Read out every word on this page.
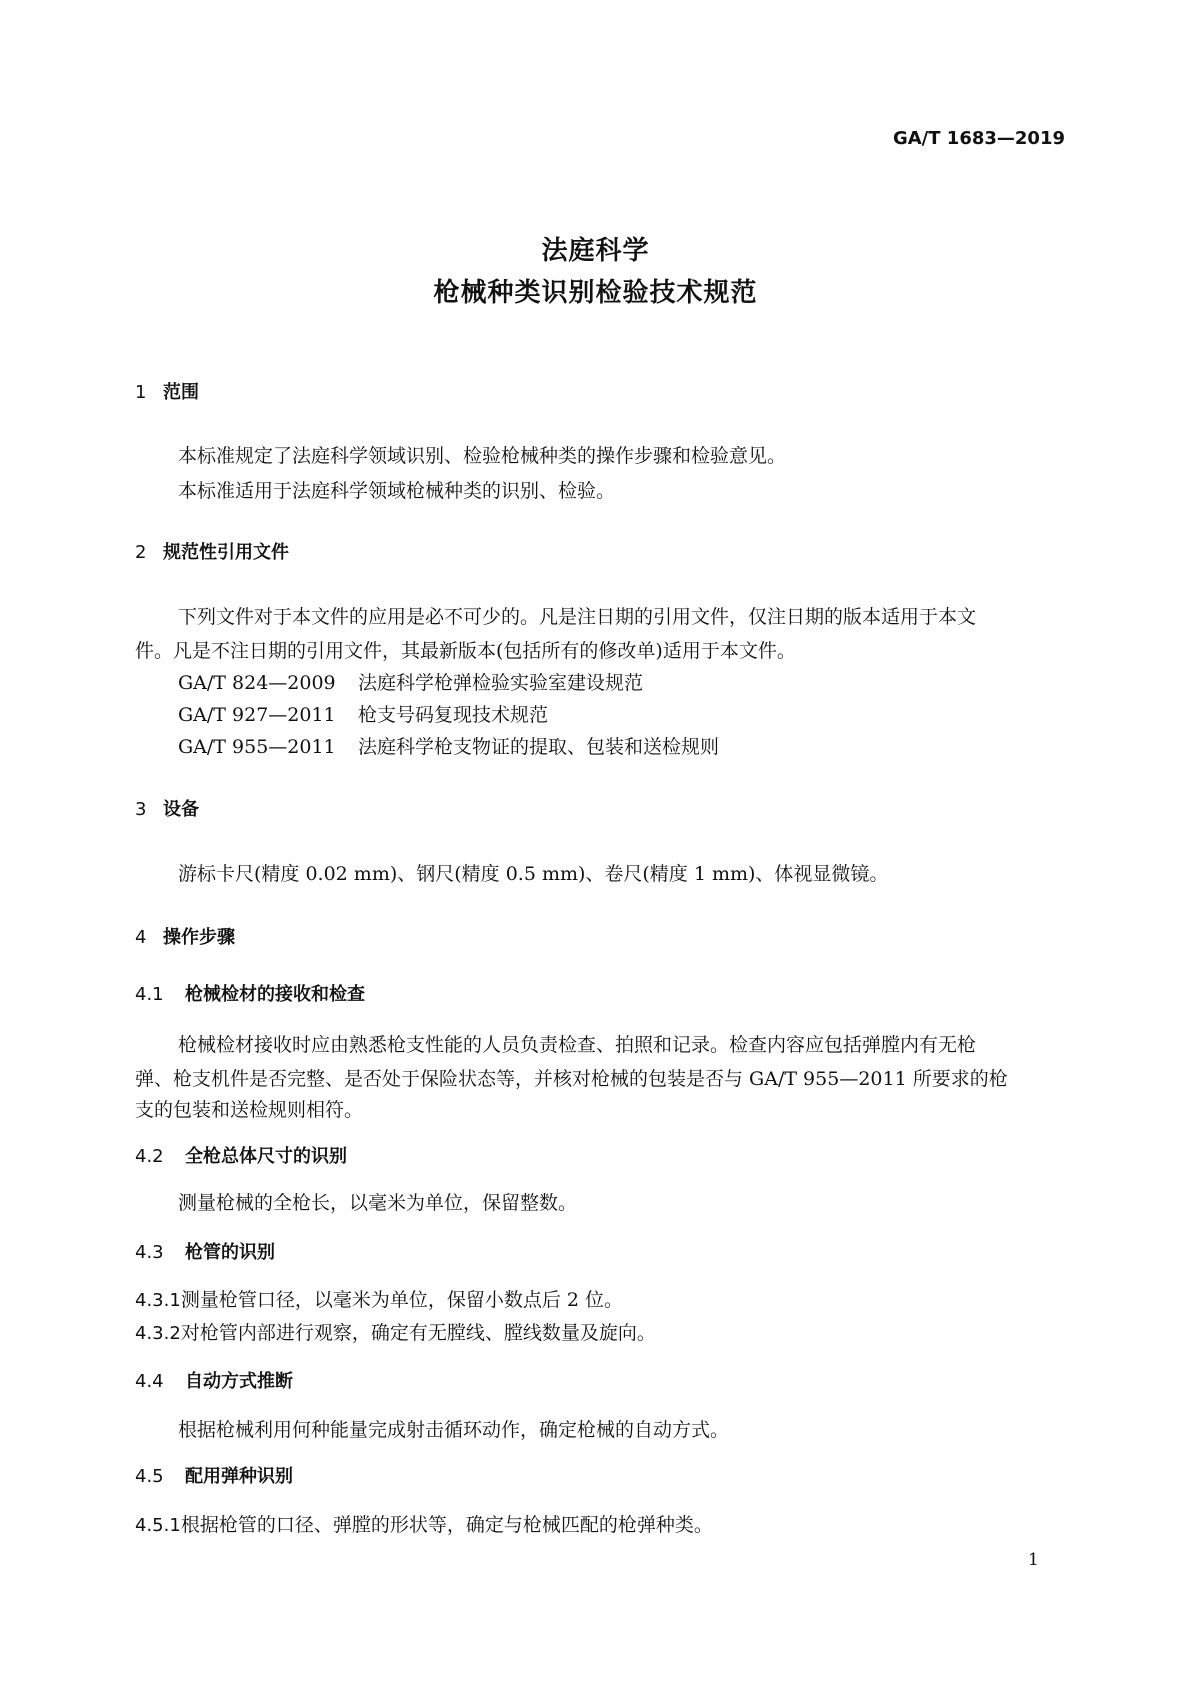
GA/T 1683—2019
法庭科学
枪械种类识别检验技术规范
1 范围
本标准规定了法庭科学领域识别、检验枪械种类的操作步骤和检验意见。
本标准适用于法庭科学领域枪械种类的识别、检验。
2 规范性引用文件
下列文件对于本文件的应用是必不可少的。凡是注日期的引用文件，仅注日期的版本适用于本文
件。凡是不注日期的引用文件，其最新版本(包括所有的修改单)适用于本文件。
GA/T 824—2009 法庭科学枪弹检验实验室建设规范
GA/T 927—2011 枪支号码复现技术规范
GA/T 955—2011 法庭科学枪支物证的提取、包装和送检规则
3 设备
游标卡尺(精度 0.02 mm)、钢尺(精度 0.5 mm)、卷尺(精度 1 mm)、体视显微镜。
4 操作步骤
4.1 枪械检材的接收和检查
枪械检材接收时应由熟悉枪支性能的人员负责检查、拍照和记录。检查内容应包括弹膛内有无枪
弹、枪支机件是否完整、是否处于保险状态等，并核对枪械的包装是否与 GA/T 955—2011 所要求的枪
支的包装和送检规则相符。
4.2 全枪总体尺寸的识别
测量枪械的全枪长，以毫米为单位，保留整数。
4.3 枪管的识别
4.3.1测量枪管口径，以毫米为单位，保留小数点后 2 位。
4.3.2对枪管内部进行观察，确定有无膛线、膛线数量及旋向。
4.4 自动方式推断
根据枪械利用何种能量完成射击循环动作，确定枪械的自动方式。
4.5 配用弹种识别
4.5.1根据枪管的口径、弹膛的形状等，确定与枪械匹配的枪弹种类。
1
